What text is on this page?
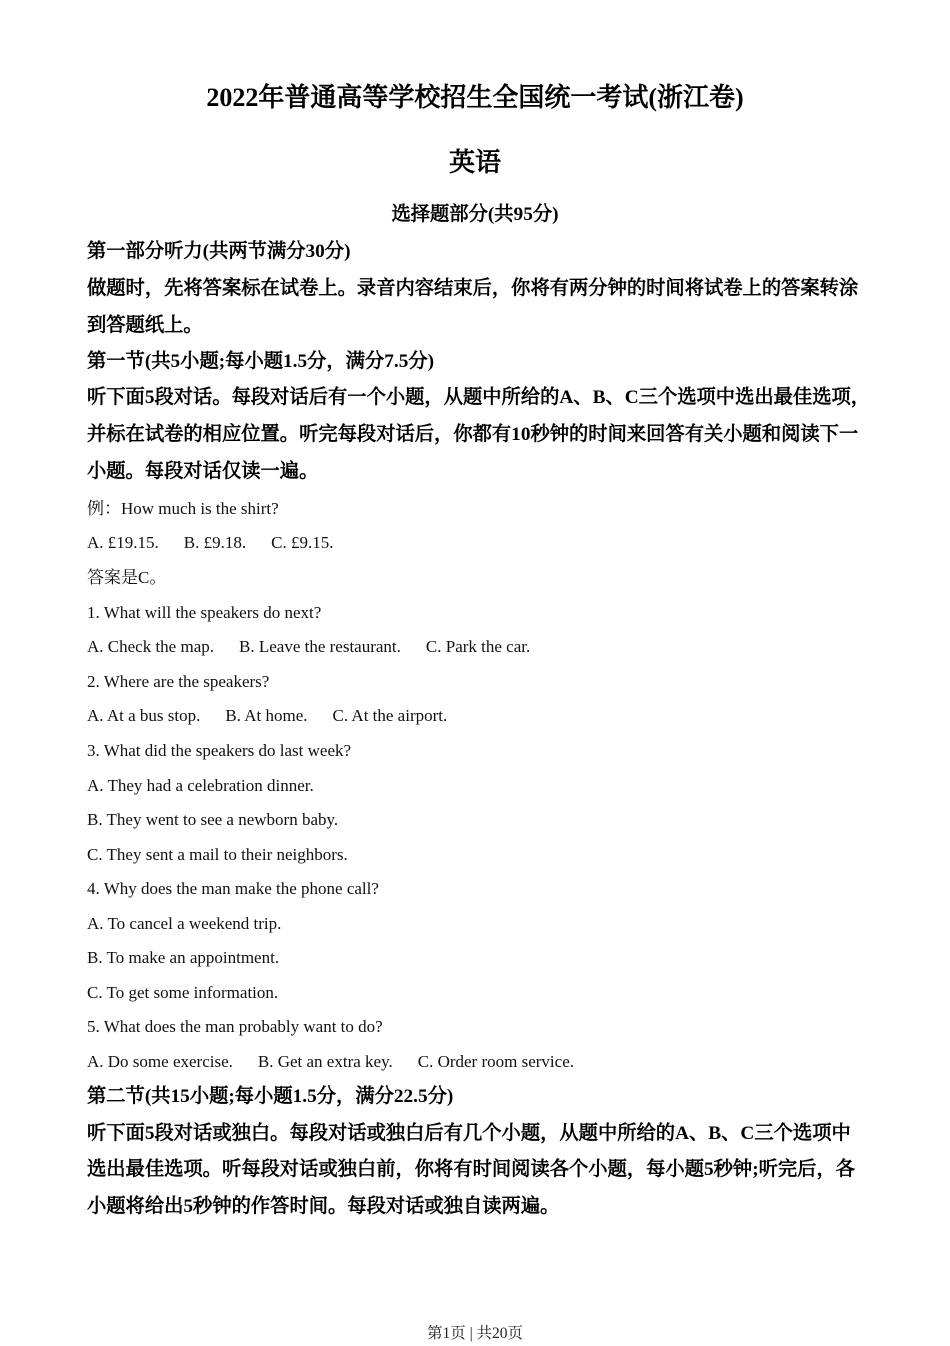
2022年普通高等学校招生全国统一考试(浙江卷)
英语
选择题部分(共95分)
第一部分听力(共两节满分30分)
做题时，先将答案标在试卷上。录音内容结束后，你将有两分钟的时间将试卷上的答案转涂
到答题纸上。
第一节(共5小题;每小题1.5分，满分7.5分)
听下面5段对话。每段对话后有一个小题，从题中所给的A、B、C三个选项中选出最佳选项，
并标在试卷的相应位置。听完每段对话后，你都有10秒钟的时间来回答有关小题和阅读下一
小题。每段对话仅读一遍。
例：How much is the shirt?
A. £19.15. B. £9.18. C. £9.15.
答案是C。
1. What will the speakers do next?
A. Check the map. B. Leave the restaurant. C. Park the car.
2. Where are the speakers?
A. At a bus stop. B. At home. C. At the airport.
3. What did the speakers do last week?
A. They had a celebration dinner.
B. They went to see a newborn baby.
C. They sent a mail to their neighbors.
4. Why does the man make the phone call?
A. To cancel a weekend trip.
B. To make an appointment.
C. To get some information.
5. What does the man probably want to do?
A. Do some exercise. B. Get an extra key. C. Order room service.
第二节(共15小题;每小题1.5分，满分22.5分)
听下面5段对话或独白。每段对话或独白后有几个小题，从题中所给的A、B、C三个选项中
选出最佳选项。听每段对话或独白前，你将有时间阅读各个小题，每小题5秒钟;听完后，各
小题将给出5秒钟的作答时间。每段对话或独自读两遍。
第1页 | 共20页
